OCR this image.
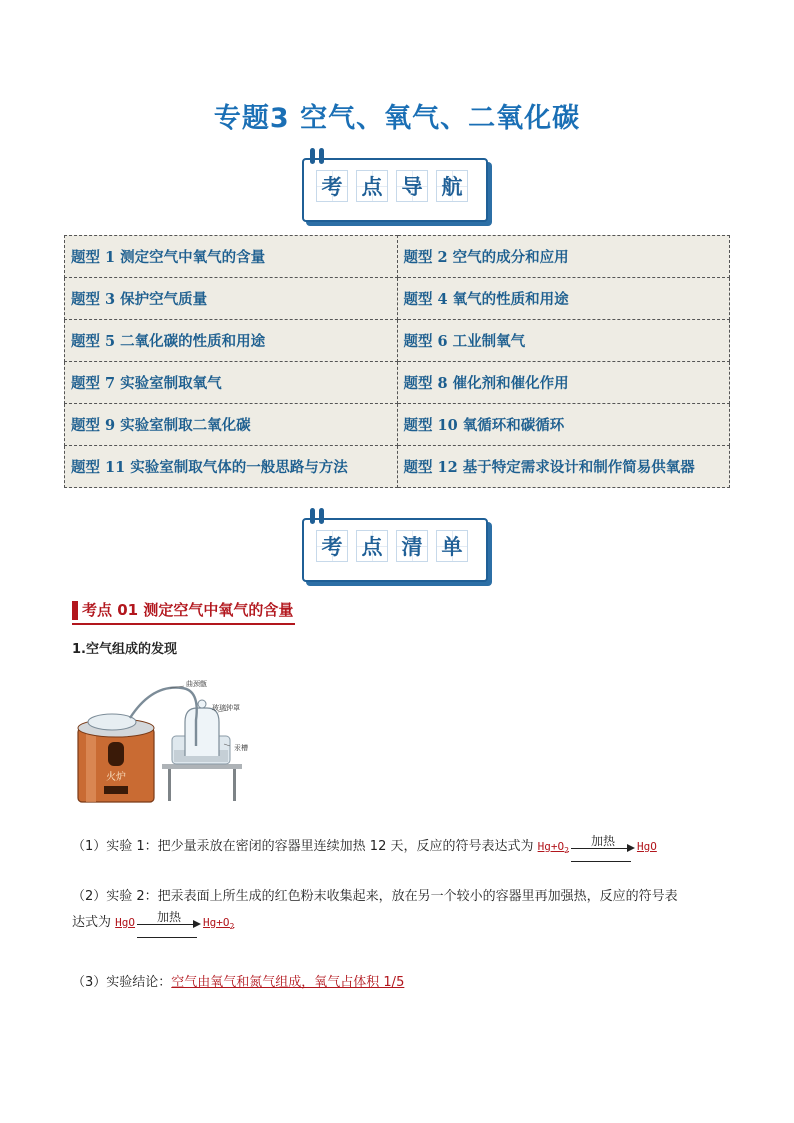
专题3 空气、氧气、二氧化碳
考 点 导 航
题型 1 测定空气中氧气的含量	题型 2 空气的成分和应用
题型 3 保护空气质量	题型 4 氧气的性质和用途
题型 5 二氧化碳的性质和用途	题型 6 工业制氧气
题型 7 实验室制取氧气	题型 8 催化剂和催化作用
题型 9 实验室制取二氧化碳	题型 10 氧循环和碳循环
题型 11 实验室制取气体的一般思路与方法	题型 12 基于特定需求设计和制作简易供氧器
考 点 清 单
考点 01 测定空气中氧气的含量
1.空气组成的发现
火炉
曲颈甑
玻璃钟罩
汞槽
（1）实验 1：把少量汞放在密闭的容器里连续加热 12 天，反应的符号表达式为 $Hg+O_2$
加热	HgO
（2）实验 2：把汞表面上所生成的红色粉末收集起来，放在另一个较小的容器里再加强热，反应的符号表
达式为 HgO	加热	$Hg+O_2$
（3）实验结论：空气由氧气和氮气组成，氧气占体积 1/5
